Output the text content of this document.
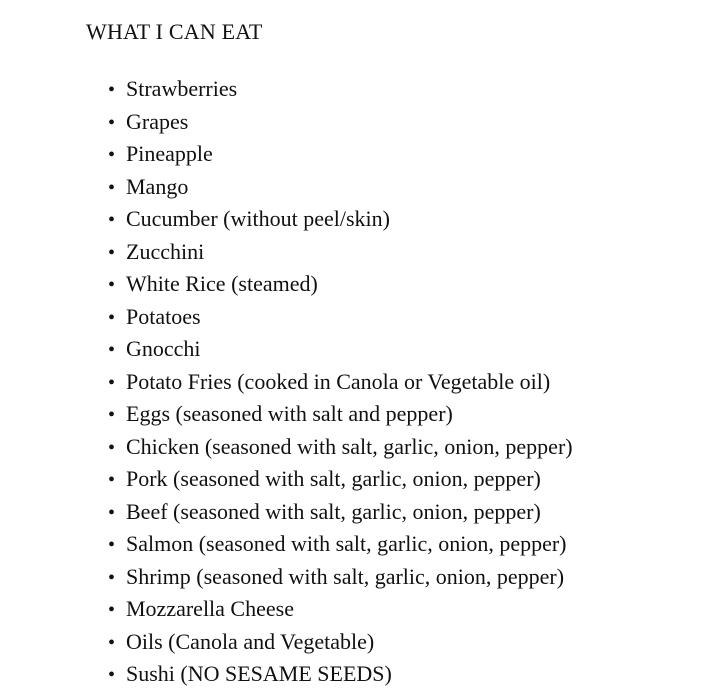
WHAT I CAN EAT
• Strawberries
• Grapes
• Pineapple
• Mango
• Cucumber (without peel/skin)
• Zucchini
• White Rice (steamed)
• Potatoes
• Gnocchi
• Potato Fries (cooked in Canola or Vegetable oil)
• Eggs (seasoned with salt and pepper)
• Chicken (seasoned with salt, garlic, onion, pepper)
• Pork (seasoned with salt, garlic, onion, pepper)
• Beef (seasoned with salt, garlic, onion, pepper)
• Salmon (seasoned with salt, garlic, onion, pepper)
• Shrimp (seasoned with salt, garlic, onion, pepper)
• Mozzarella Cheese
• Oils (Canola and Vegetable)
• Sushi (NO SESAME SEEDS)
